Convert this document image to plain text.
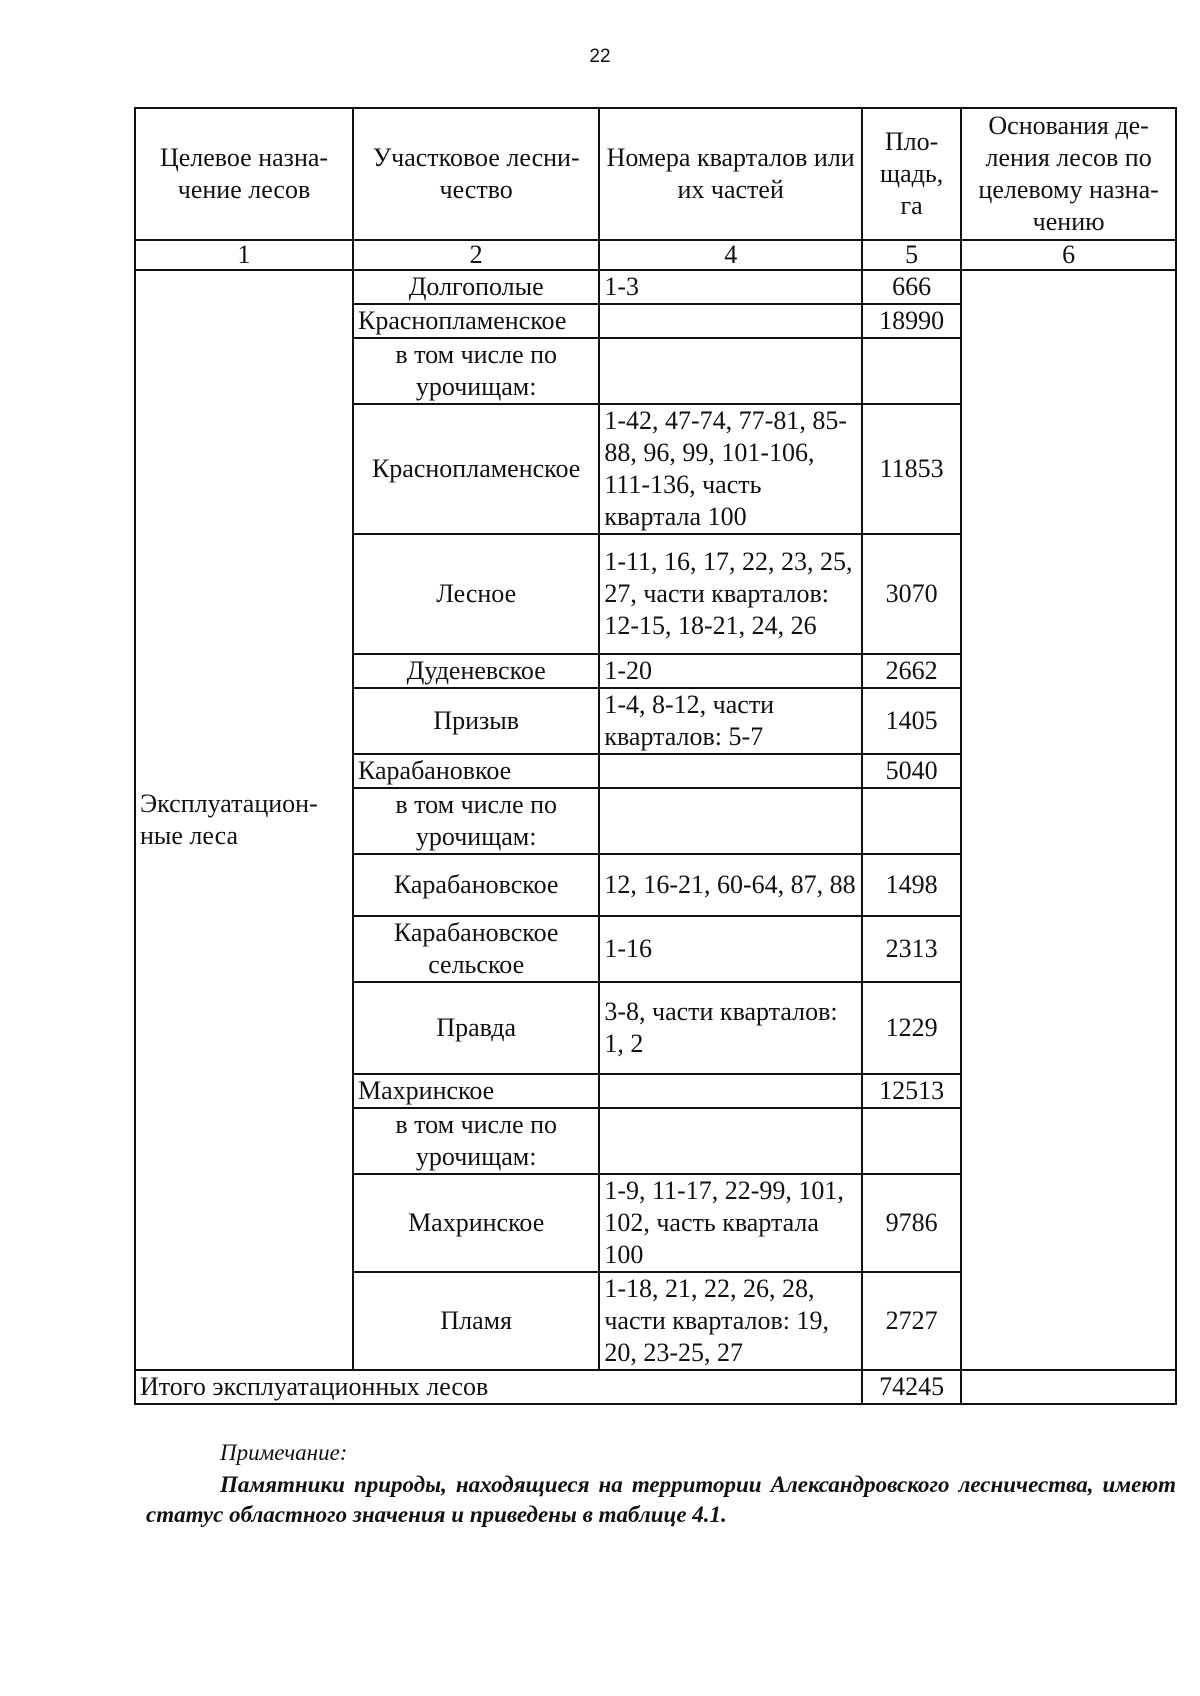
22
Целевое назна-чение лесов	Участковое лесни-чество	Номера кварталов или их частей	Пло-щадь, га	Основания де-ления лесов по целевому назна-чению
1	2	4	5	6
Эксплуатацион-ные леса	Долгополые	1-3	666	
	Краснопламенское		18990	
	в том числе по урочищам:			
	Краснопламенское	1-42, 47-74, 77-81, 85-88, 96, 99, 101-106, 111-136, часть квартала 100	11853	
	Лесное	1-11, 16, 17, 22, 23, 25, 27, части кварталов: 12-15, 18-21, 24, 26	3070	
	Дуденевское	1-20	2662	
	Призыв	1-4, 8-12, части кварталов: 5-7	1405	
	Карабановкое		5040	
	в том числе по урочищам:			
	Карабановское	12, 16-21, 60-64, 87, 88	1498	
	Карабановское сельское	1-16	2313	
	Правда	3-8, части кварталов: 1, 2	1229	
	Махринское		12513	
	в том числе по урочищам:			
	Махринское	1-9, 11-17, 22-99, 101, 102, часть квартала 100	9786	
	Пламя	1-18, 21, 22, 26, 28, части кварталов: 19, 20, 23-25, 27	2727	
Итого эксплуатационных лесов			74245	
Примечание:
Памятники природы, находящиеся на территории Александровского лесничества, имеют статус областного значения и приведены в таблице 4.1.
